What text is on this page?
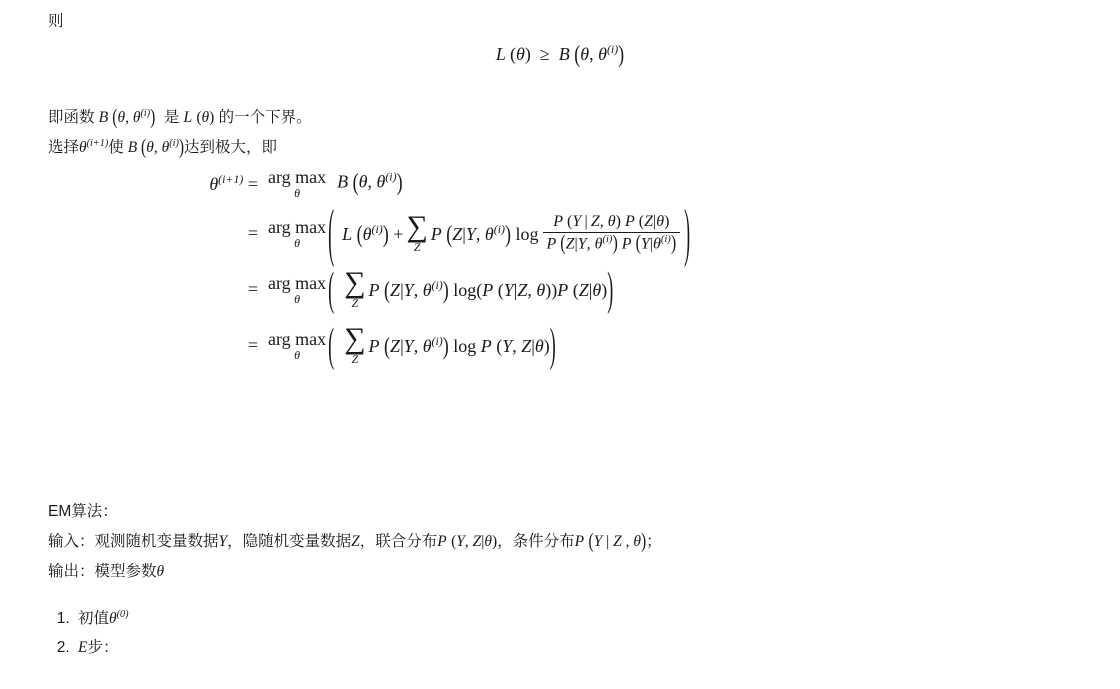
则
L (θ)  ≥  B (θ, $\theta^{(i)}$)
即函数 B (θ, $\theta^{(i)}$)  是 L (θ) 的一个下界。
选择$\theta^{(i+1)}$使 B (θ, $\theta^{(i)}$)达到极大，即
$\theta^{(i+1)}$ = arg max
θ
B (θ, $\theta^{(i)}$)
= arg max
θ ( L $(\theta^{(i)})$ + ∑
Z
P (Z|Y, $\theta^{(i)}$) $\log \frac{P (Y | Z, \theta) P (Z|\theta)}{P (Z|Y, \theta^{(i)}) P (Y|\theta^{(i)})}$ )
= arg max
θ ( ∑
Z
P (Z|Y, $\theta^{(i)}$) log(P (Y|Z, θ))P (Z|θ) )
= arg max
θ ( ∑
Z
P (Z|Y, $\theta^{(i)}$) log P (Y, Z|θ) )
EM算法：
输入：观测随机变量数据Y，隐随机变量数据Z，联合分布P (Y, Z|θ)，条件分布P (Y | Z , θ)；
输出：模型参数θ
1. 初值$\theta^{(0)}$
2. E步：
